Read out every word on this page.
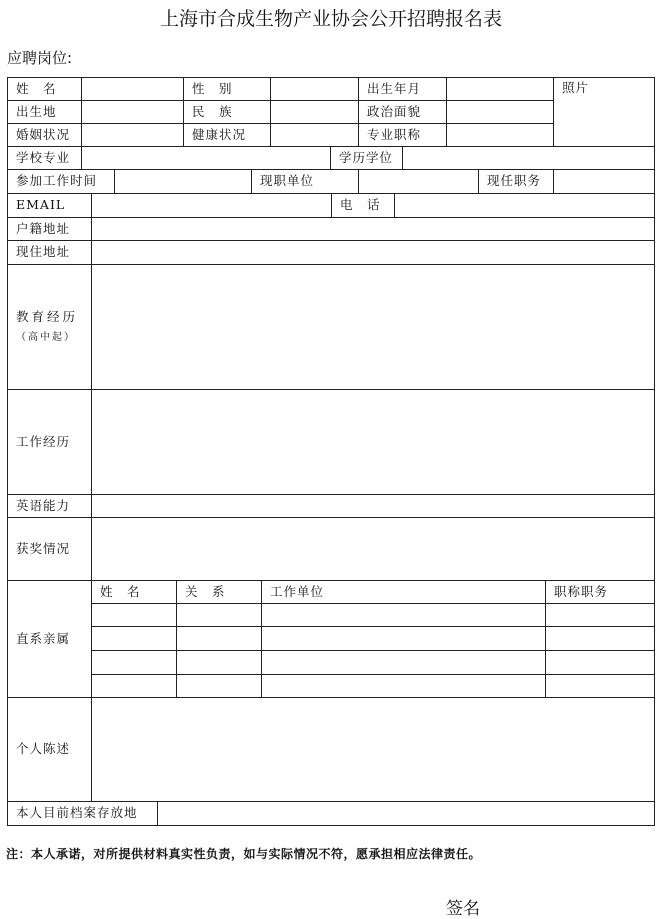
上海市合成生物产业协会公开招聘报名表
应聘岗位:
姓　名	性　别	出生年月	照片
出生地	民　族	政治面貌
婚姻状况	健康状况	专业职称
学校专业	学历学位
参加工作时间	现职单位	现任职务
EMAIL	电　话
户籍地址
现住地址
教育经历
（高中起）
工作经历
英语能力
获奖情况
直系亲属
姓　名	关　系	工作单位	职称职务
个人陈述
本人目前档案存放地
注：本人承诺，对所提供材料真实性负责，如与实际情况不符，愿承担相应法律责任。
签名
